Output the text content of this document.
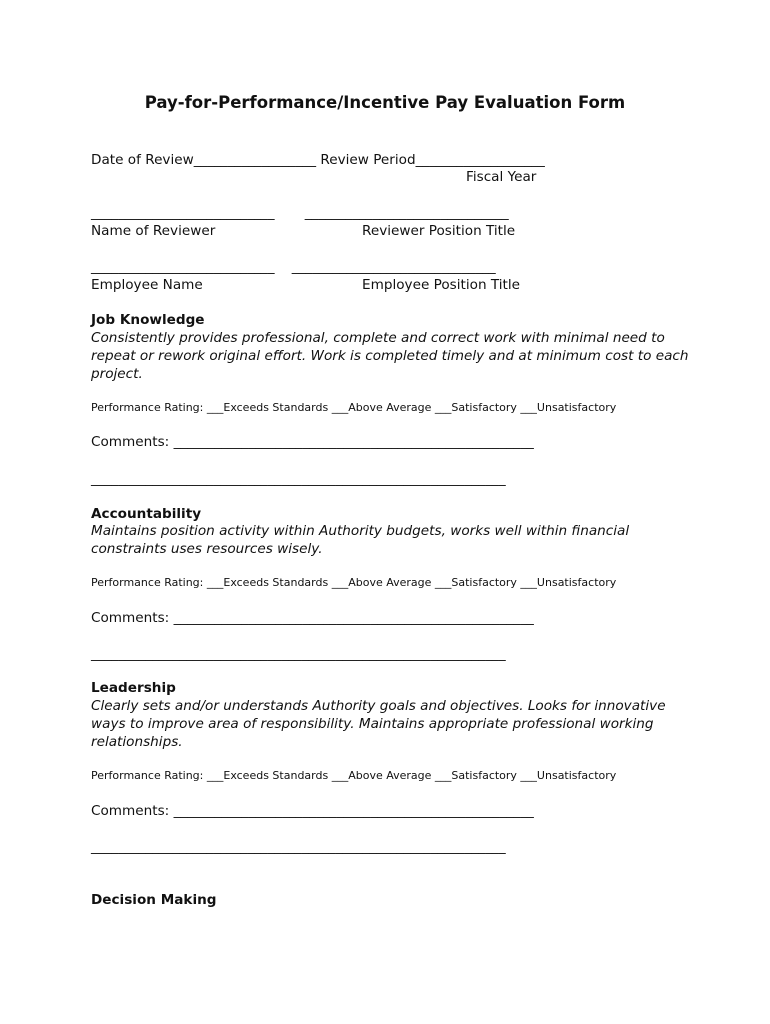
Pay-for-Performance/Incentive Pay Evaluation Form
Date of Review__________________ Review Period___________________
Fiscal Year
___________________________       ______________________________
Name of Reviewer	Reviewer Position Title
___________________________    ______________________________
Employee Name	Employee Position Title
Job Knowledge
Consistently provides professional, complete and correct work with minimal need to repeat or rework original effort. Work is completed timely and at minimum cost to each project.
Performance Rating: ___Exceeds Standards ___Above Average ___Satisfactory ___Unsatisfactory
Comments: _____________________________________________________
_____________________________________________________________
Accountability
Maintains position activity within Authority budgets, works well within financial constraints uses resources wisely.
Performance Rating: ___Exceeds Standards ___Above Average ___Satisfactory ___Unsatisfactory
Comments: _____________________________________________________
_____________________________________________________________
Leadership
Clearly sets and/or understands Authority goals and objectives. Looks for innovative ways to improve area of responsibility. Maintains appropriate professional working relationships.
Performance Rating: ___Exceeds Standards ___Above Average ___Satisfactory ___Unsatisfactory
Comments: _____________________________________________________
_____________________________________________________________
Decision Making
